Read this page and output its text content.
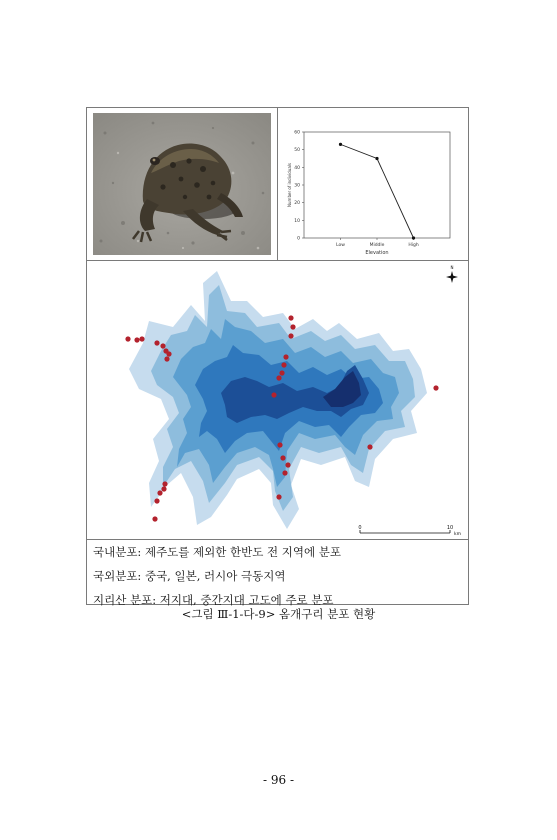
0
10
20
30
40
50
60
Low	Middle	High
Elevation
Number of individuals
N
0	10
km
국내분포: 제주도를 제외한 한반도 전 지역에 분포
국외분포: 중국, 일본, 러시아 극동지역
지리산 분포: 저지대, 중간지대 고도에 주로 분포
<그림 Ⅲ-1-다-9> 옴개구리 분포 현황
- 96 -
